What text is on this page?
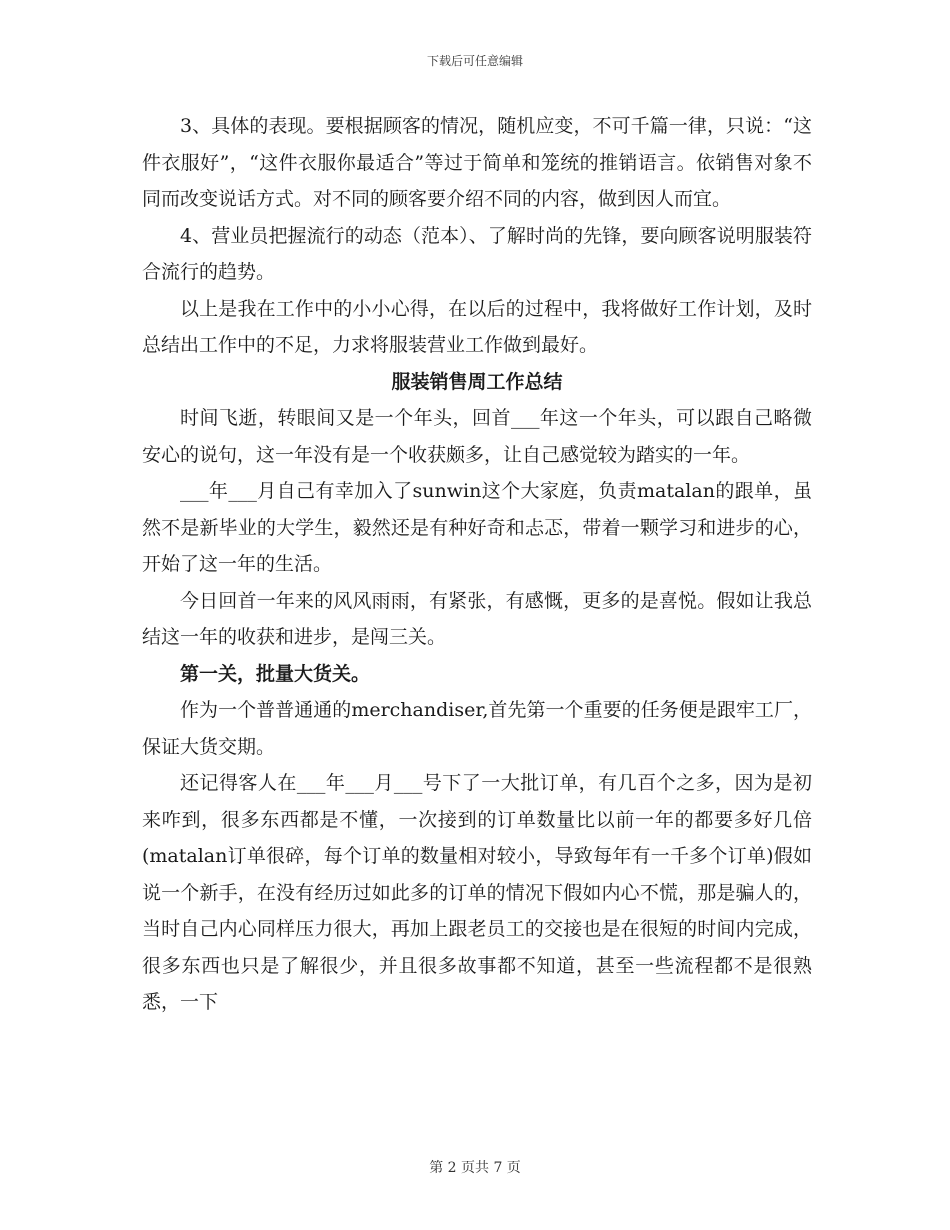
下载后可任意编辑

3、具体的表现。要根据顾客的情况，随机应变，不可千篇一律，只说：“这件衣服好”，“这件衣服你最适合”等过于简单和笼统的推销语言。依销售对象不同而改变说话方式。对不同的顾客要介绍不同的内容，做到因人而宜。

4、营业员把握流行的动态（范本）、了解时尚的先锋，要向顾客说明服装符合流行的趋势。

以上是我在工作中的小小心得，在以后的过程中，我将做好工作计划，及时总结出工作中的不足，力求将服装营业工作做到最好。

服装销售周工作总结

时间飞逝，转眼间又是一个年头，回首___年这一个年头，可以跟自己略微安心的说句，这一年没有是一个收获颇多，让自己感觉较为踏实的一年。

___年___月自己有幸加入了sunwin这个大家庭，负责matalan的跟单，虽然不是新毕业的大学生，毅然还是有种好奇和忐忑，带着一颗学习和进步的心，开始了这一年的生活。

今日回首一年来的风风雨雨，有紧张，有感慨，更多的是喜悦。假如让我总结这一年的收获和进步，是闯三关。

第一关，批量大货关。

作为一个普普通通的merchandiser,首先第一个重要的任务便是跟牢工厂，保证大货交期。

还记得客人在___年___月___号下了一大批订单，有几百个之多，因为是初来咋到，很多东西都是不懂，一次接到的订单数量比以前一年的都要多好几倍(matalan订单很碎，每个订单的数量相对较小，导致每年有一千多个订单)假如说一个新手，在没有经历过如此多的订单的情况下假如内心不慌，那是骗人的，当时自己内心同样压力很大，再加上跟老员工的交接也是在很短的时间内完成，很多东西也只是了解很少，并且很多故事都不知道，甚至一些流程都不是很熟悉，一下

第 2 页共 7 页
